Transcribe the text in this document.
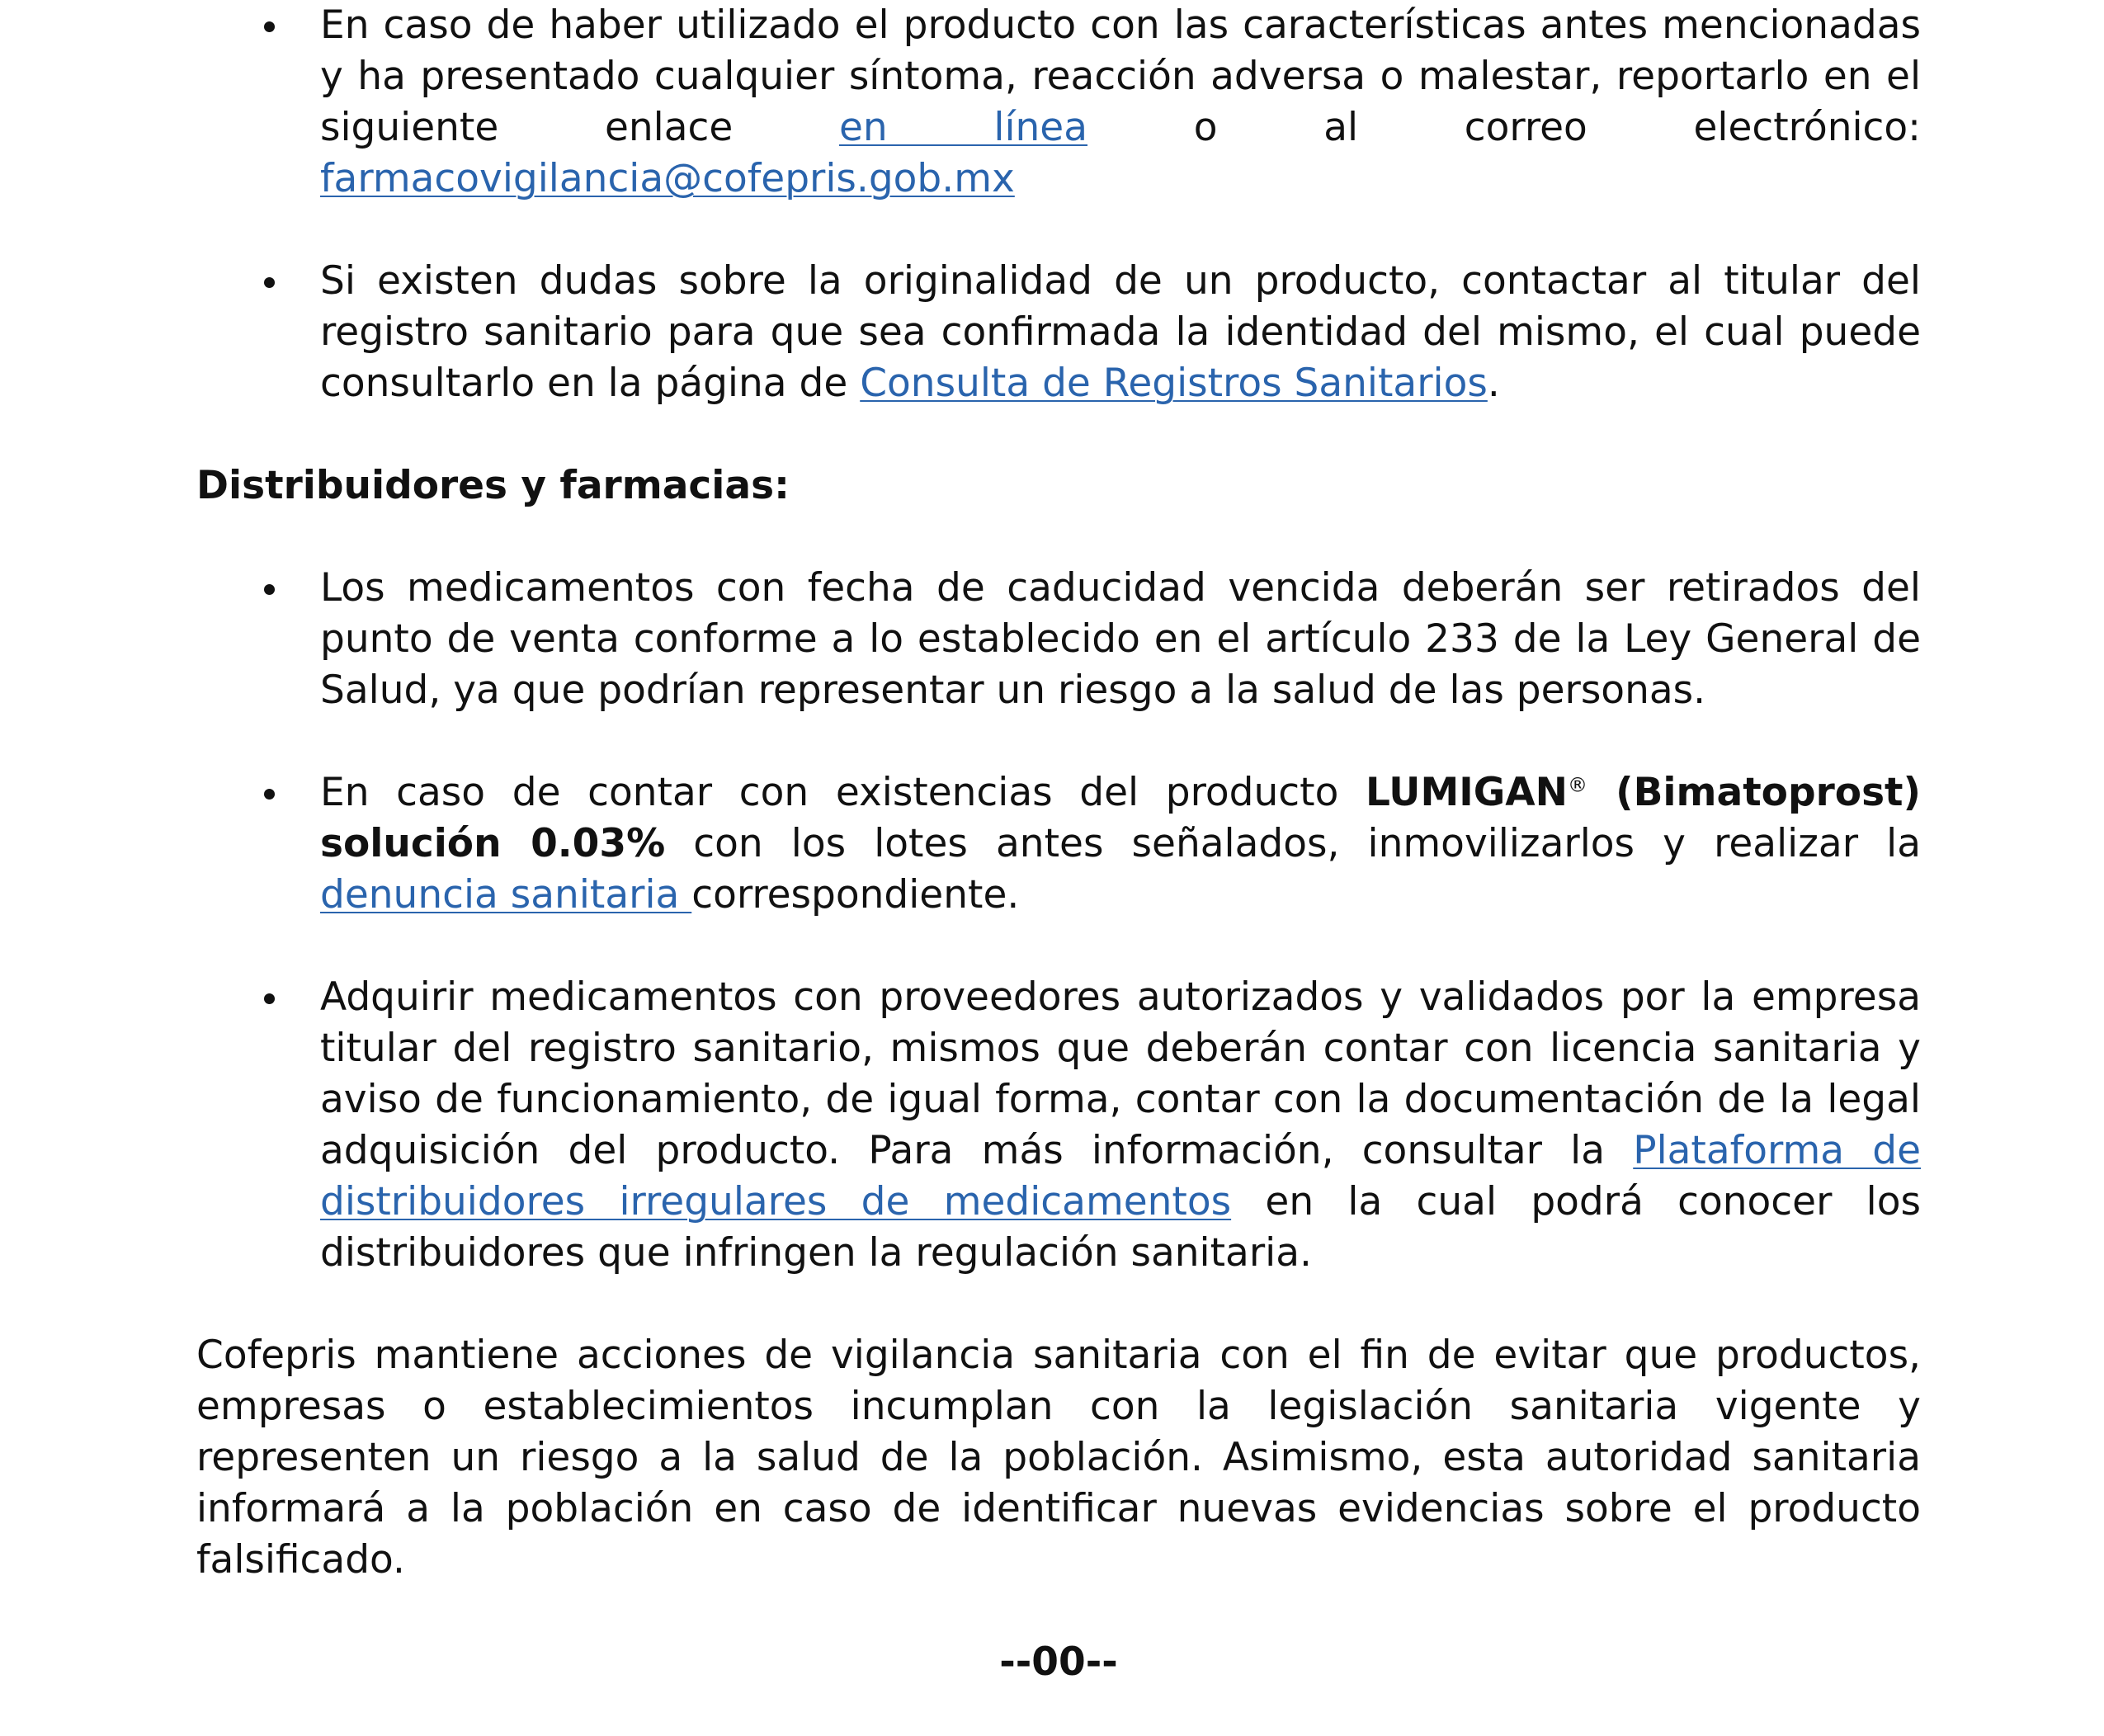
En caso de haber utilizado el producto con las características antes mencionadas y ha presentado cualquier síntoma, reacción adversa o malestar, reportarlo en el siguiente enlace en línea o al correo electrónico: farmacovigilancia@cofepris.gob.mx
Si existen dudas sobre la originalidad de un producto, contactar al titular del registro sanitario para que sea confirmada la identidad del mismo, el cual puede consultarlo en la página de Consulta de Registros Sanitarios.
Distribuidores y farmacias:
Los medicamentos con fecha de caducidad vencida deberán ser retirados del punto de venta conforme a lo establecido en el artículo 233 de la Ley General de Salud, ya que podrían representar un riesgo a la salud de las personas.
En caso de contar con existencias del producto LUMIGAN® (Bimatoprost) solución 0.03% con los lotes antes señalados, inmovilizarlos y realizar la denuncia sanitaria correspondiente.
Adquirir medicamentos con proveedores autorizados y validados por la empresa titular del registro sanitario, mismos que deberán contar con licencia sanitaria y aviso de funcionamiento, de igual forma, contar con la documentación de la legal adquisición del producto. Para más información, consultar la Plataforma de distribuidores irregulares de medicamentos en la cual podrá conocer los distribuidores que infringen la regulación sanitaria.

Cofepris mantiene acciones de vigilancia sanitaria con el fin de evitar que productos, empresas o establecimientos incumplan con la legislación sanitaria vigente y representen un riesgo a la salud de la población. Asimismo, esta autoridad sanitaria informará a la población en caso de identificar nuevas evidencias sobre el producto falsificado.

--00--
